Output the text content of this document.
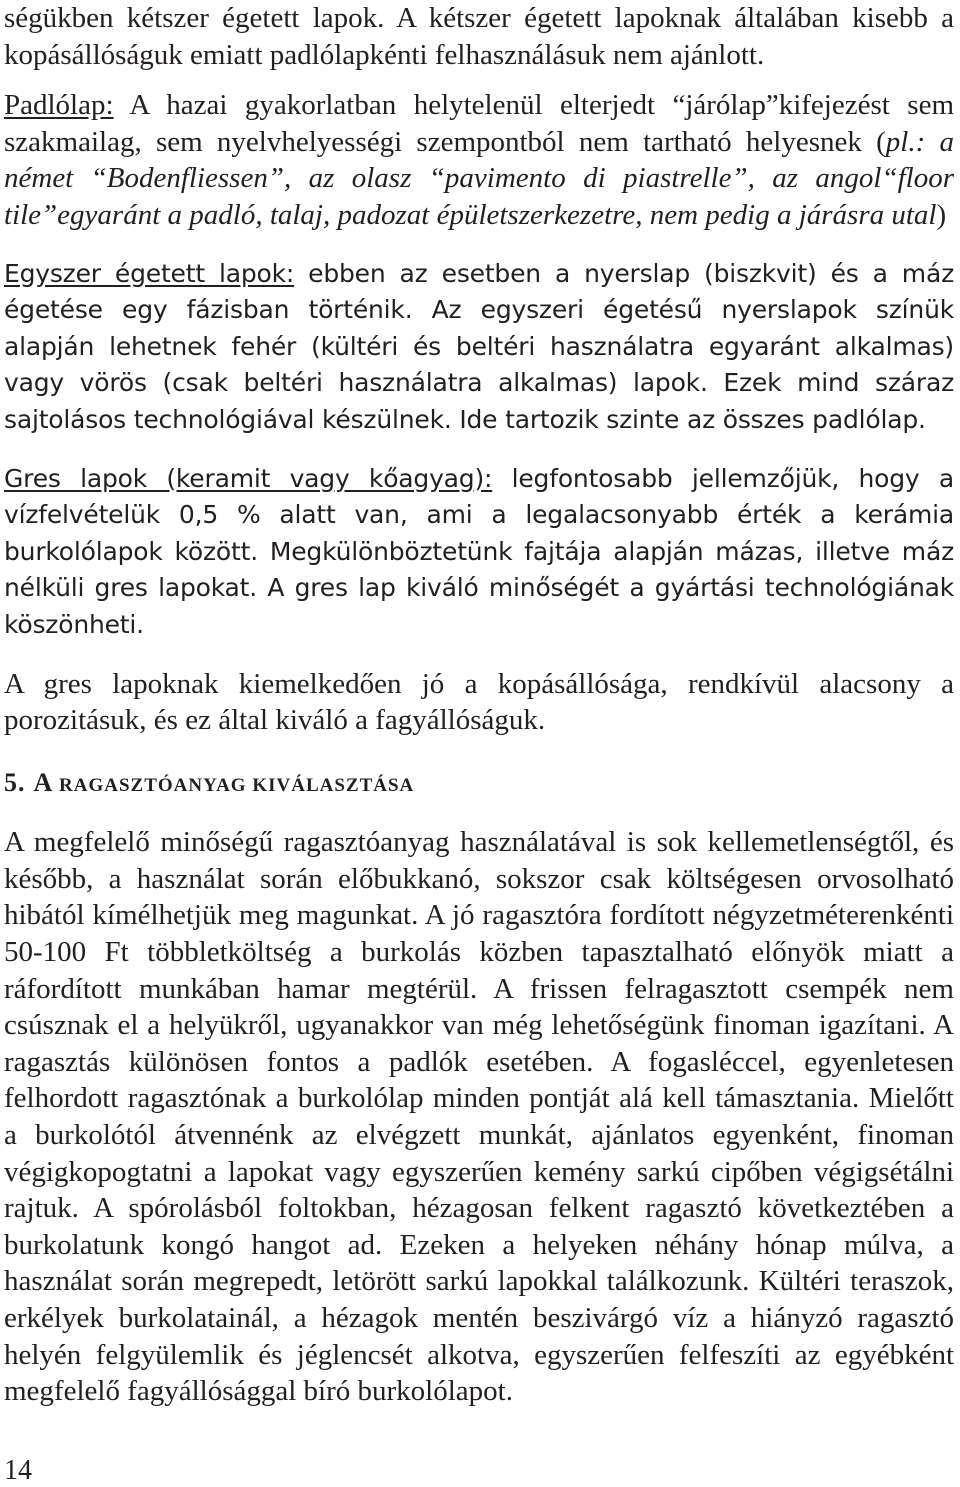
ségükben kétszer égetett lapok. A kétszer égetett lapoknak általában kisebb a kopásállóságuk emiatt padlólapkénti felhasználásuk nem ajánlott.

Padlólap: A hazai gyakorlatban helytelenül elterjedt “járólap”kifejezést sem szakmailag, sem nyelvhelyességi szempontból nem tartható helyesnek (pl.: a német “Bodenfliessen”, az olasz “pavimento di piastrelle”, az angol“floor tile”egyaránt a padló, talaj, padozat épületszerkezetre, nem pedig a járásra utal)

Egyszer égetett lapok: ebben az esetben a nyerslap (biszkvit) és a máz égetése egy fázisban történik. Az egyszeri égetésű nyerslapok színük alapján lehetnek fehér (kültéri és beltéri használatra egyaránt alkalmas) vagy vörös (csak beltéri használatra alkalmas) lapok. Ezek mind száraz sajtolásos technológiával készülnek. Ide tartozik szinte az összes padlólap.

Gres lapok (keramit vagy kőagyag): legfontosabb jellemzőjük, hogy a vízfelvételük 0,5 % alatt van, ami a legalacsonyabb érték a kerámia burkolólapok között. Megkülönböztetünk fajtája alapján mázas, illetve máz nélküli gres lapokat. A gres lap kiváló minőségét a gyártási technológiának köszönheti.

A gres lapoknak kiemelkedően jó a kopásállósága, rendkívül alacsony a porozitásuk, és ez által kiváló a fagyállóságuk.

5. A RAGASZTÓANYAG KIVÁLASZTÁSA

A megfelelő minőségű ragasztóanyag használatával is sok kellemetlenségtől, és később, a használat során előbukkanó, sokszor csak költségesen orvosolható hibától kímélhetjük meg magunkat. A jó ragasztóra fordított négyzetméterenkénti 50-100 Ft többletköltség a burkolás közben tapasztalható előnyök miatt a ráfordított munkában hamar megtérül. A frissen felragasztott csempék nem csúsznak el a helyükről, ugyanakkor van még lehetőségünk finoman igazítani. A ragasztás különösen fontos a padlók esetében. A fogasléccel, egyenletesen felhordott ragasztónak a burkolólap minden pontját alá kell támasztania. Mielőtt a burkolótól átvennénk az elvégzett munkát, ajánlatos egyenként, finoman végigkopogtatni a lapokat vagy egyszerűen kemény sarkú cipőben végigsétálni rajtuk. A spórolásból foltokban, hézagosan felkent ragasztó következtében a burkolatunk kongó hangot ad. Ezeken a helyeken néhány hónap múlva, a használat során megrepedt, letörött sarkú lapokkal találkozunk. Kültéri teraszok, erkélyek burkolatainál, a hézagok mentén beszivárgó víz a hiányzó ragasztó helyén felgyülemlik és jéglencsét alkotva, egyszerűen felfeszíti az egyébként megfelelő fagyállósággal bíró burkolólapot.

14
